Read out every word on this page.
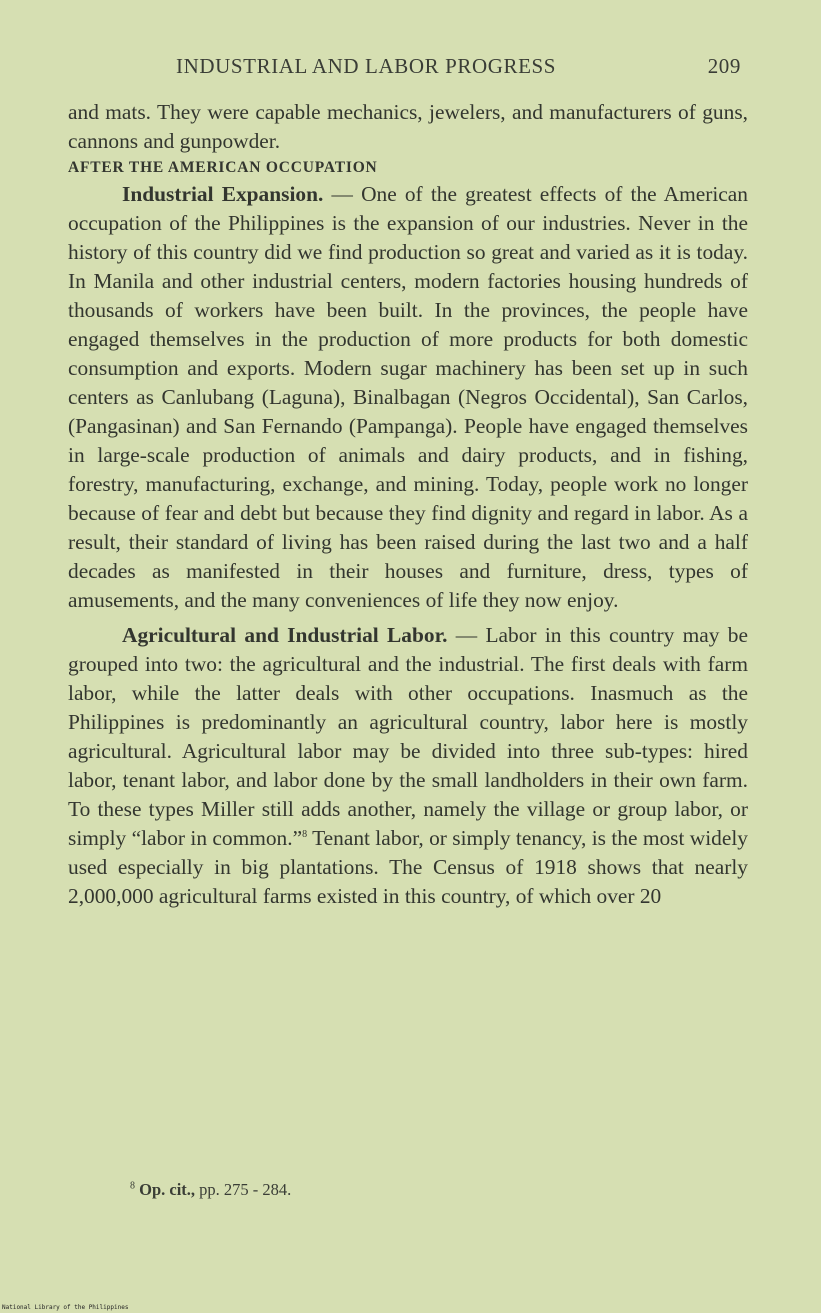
INDUSTRIAL AND LABOR PROGRESS	209

and mats. They were capable mechanics, jewelers, and manufacturers of guns, cannons and gunpowder.

AFTER THE AMERICAN OCCUPATION

Industrial Expansion. — One of the greatest effects of the American occupation of the Philippines is the expansion of our industries. Never in the history of this country did we find production so great and varied as it is today. In Manila and other industrial centers, modern factories housing hundreds of thousands of workers have been built. In the provinces, the people have engaged themselves in the production of more products for both domestic consumption and exports. Modern sugar machinery has been set up in such centers as Canlubang (Laguna), Binalbagan (Negros Occidental), San Carlos, (Pangasinan) and San Fernando (Pampanga). People have engaged themselves in large-scale production of animals and dairy products, and in fishing, forestry, manufacturing, exchange, and mining. Today, people work no longer because of fear and debt but because they find dignity and regard in labor. As a result, their standard of living has been raised during the last two and a half decades as manifested in their houses and furniture, dress, types of amusements, and the many conveniences of life they now enjoy.

Agricultural and Industrial Labor. — Labor in this country may be grouped into two: the agricultural and the industrial. The first deals with farm labor, while the latter deals with other occupations. Inasmuch as the Philippines is predominantly an agricultural country, labor here is mostly agricultural. Agricultural labor may be divided into three sub-types: hired labor, tenant labor, and labor done by the small landholders in their own farm. To these types Miller still adds another, namely the village or group labor, or simply “labor in common.”$^8$ Tenant labor, or simply tenancy, is the most widely used especially in big plantations. The Census of 1918 shows that nearly 2,000,000 agricultural farms existed in this country, of which over 20

$^8$ Op. cit., pp. 275 - 284.
National Library of the Philippines
